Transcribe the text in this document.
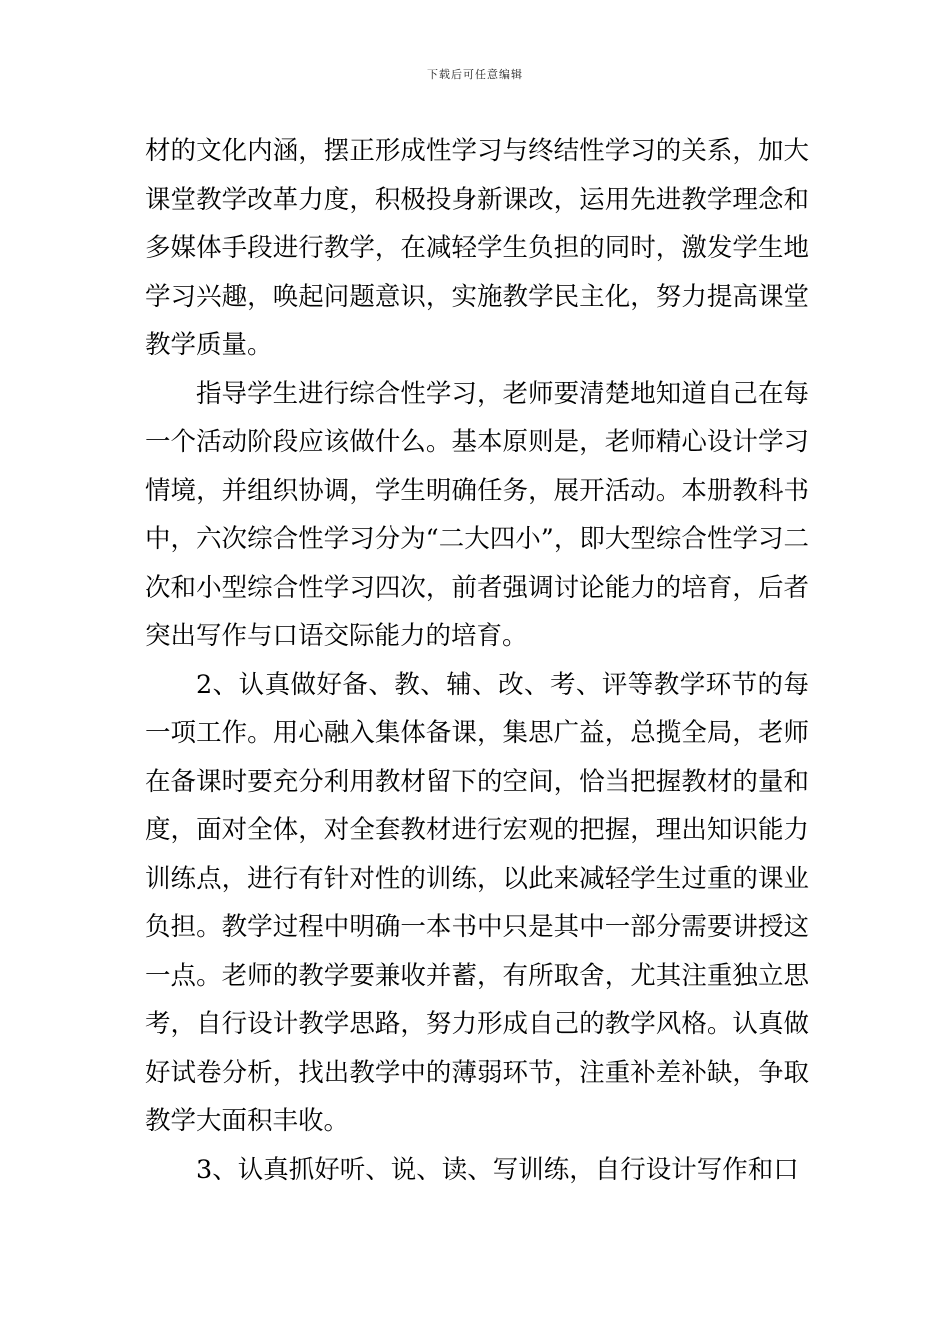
下载后可任意编辑

材的文化内涵，摆正形成性学习与终结性学习的关系，加大课堂教学改革力度，积极投身新课改，运用先进教学理念和多媒体手段进行教学，在减轻学生负担的同时，激发学生地学习兴趣，唤起问题意识，实施教学民主化，努力提高课堂教学质量。

指导学生进行综合性学习，老师要清楚地知道自己在每一个活动阶段应该做什么。基本原则是，老师精心设计学习情境，并组织协调，学生明确任务，展开活动。本册教科书中，六次综合性学习分为“二大四小”，即大型综合性学习二次和小型综合性学习四次，前者强调讨论能力的培育，后者突出写作与口语交际能力的培育。

2、认真做好备、教、辅、改、考、评等教学环节的每一项工作。用心融入集体备课，集思广益，总揽全局，老师在备课时要充分利用教材留下的空间，恰当把握教材的量和度，面对全体，对全套教材进行宏观的把握，理出知识能力训练点，进行有针对性的训练，以此来减轻学生过重的课业负担。教学过程中明确一本书中只是其中一部分需要讲授这一点。老师的教学要兼收并蓄，有所取舍，尤其注重独立思考，自行设计教学思路，努力形成自己的教学风格。认真做好试卷分析，找出教学中的薄弱环节，注重补差补缺，争取教学大面积丰收。

3、认真抓好听、说、读、写训练，自行设计写作和口
